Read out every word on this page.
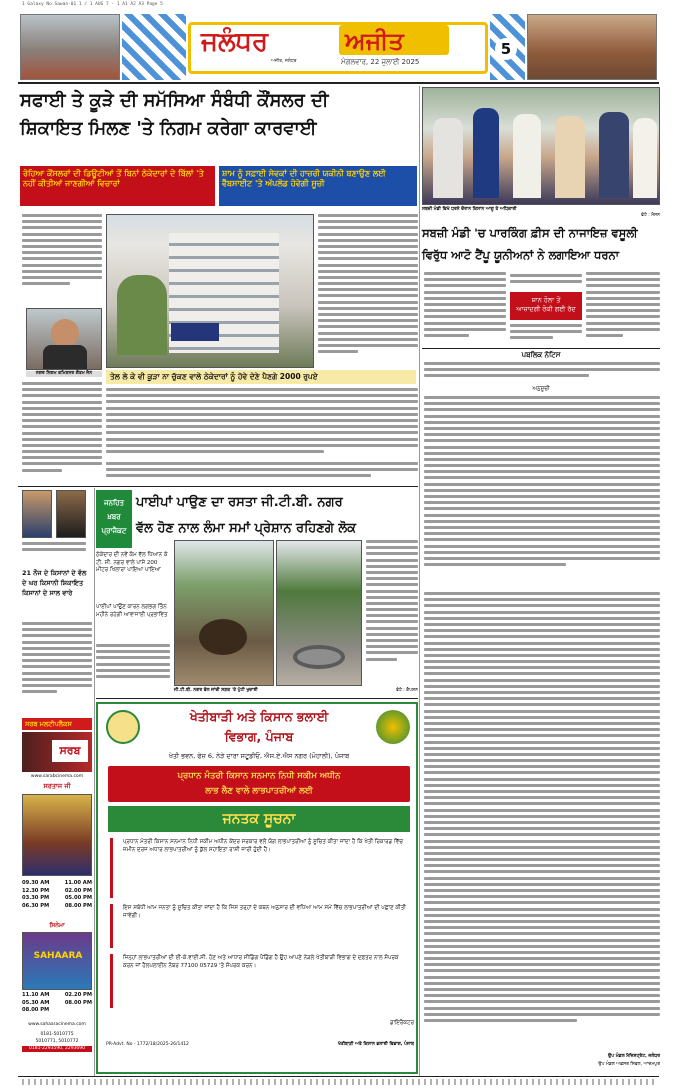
1 Galaxy No.Sawan-01 1 / 1 AUG 7 - 1 A1 A2 A3 Page 5
ਜਲੰਧਰ	ਅਜੀਤ
ਅਜੀਤ, ਜਲੰਧਰ	ਮੰਗਲਵਾਰ, 22 ਜੁਲਾਈ 2025
5
ਸਫਾਈ ਤੇ ਕੂੜੇ ਦੀ ਸਮੱਸਿਆ ਸੰਬੰਧੀ ਕੌਂਸਲਰ ਦੀ
ਸ਼ਿਕਾਇਤ ਮਿਲਣ 'ਤੇ ਨਿਗਮ ਕਰੇਗਾ ਕਾਰਵਾਈ
ਰੋਹਿਆ ਕੌਂਸਲਰਾਂ ਦੀ ਡਿਊਟੀਆਂ ਤੋਂ ਬਿਨਾਂ ਠੇਕੇਦਾਰਾਂ ਦੇ ਬਿੱਲਾਂ 'ਤੇ ਨਹੀਂ ਕੀਤੀਆਂ ਜਾਣਗੀਆਂ ਵਿਚਾਰਾਂ
ਸ਼ਾਮ ਨੂੰ ਸਫ਼ਾਈ ਸੇਵਕਾਂ ਦੀ ਹਾਜ਼ਰੀ ਯਕੀਨੀ ਬਣਾਉਣ ਲਈ ਵੈੱਬਸਾਈਟ 'ਤੇ ਅੱਪਲੋਡ ਹੋਵੇਗੀ ਸੂਚੀ
ਨਗਰ ਨਿਗਮ ਕਮਿਸ਼ਨਰ ਗੌਤਮ ਜੈਨ	ਤੇਲ ਲੇ ਕੇ ਵੀ ਕੂੜਾ ਨਾ ਚੁੱਕਣ ਵਾਲੇ ਠੇਕੇਦਾਰਾਂ ਨੂੰ ਹੋਵੇ ਦੇਣੇ ਪੈਣਗੇ 2000 ਰੁਪਏ
ਸਬਜ਼ੀ ਮੰਡੀ ਵਿਖੇ ਧਰਨੇ ਦੌਰਾਨ ਕਿਸਾਨ ਆਗੂ ਤੇ ਅਧਿਕਾਰੀ
ਫੋਟੋ : ਮੈਸਨ
ਸਬਜ਼ੀ ਮੰਡੀ 'ਚ ਪਾਰਕਿੰਗ ਫ਼ੀਸ ਦੀ ਨਾਜਾਇਜ਼ ਵਸੂਲੀ
ਵਿਰੁੱਧ ਆਟੋ ਟੈਂਪੂ ਯੂਨੀਅਨਾਂ ਨੇ ਲਗਾਇਆ ਧਰਨਾ
ਸ਼ਾਨ ਹੋਲਾ ਤੋਂ
ਆਜ਼ਾਦਗੀ ਰੋਕੀ ਗਈ ਰੱਦ
ਪਬਲਿਕ ਨੋਟਿਸ
ਅਨੁਸੂਚੀ
ਉਪ ਮੰਡਲ ਮੈਜਿਸਟ੍ਰੇਟ, ਜਲੰਧਰ
ਉਪ ਮੰਡਲ ਅਫ਼ਸਰ ਸਿਵਲ, ਆਦਮਪੁਰ
21 ਨੌਜ ਦੇ ਕਿਸਾਨਾਂ ਦੇ ਵੱਲ ਦੇ ਘਰ ਕਿਸਾਨੀ ਸ਼ਿਕਾਇਤ ਕਿਸਾਨਾਂ ਦੇ ਸਾਲ ਵਾਰੇ
ਸਰਬ ਮਲਟੀਪਲੈਕਸ
ਸਰਬ
www.sarabcinema.com
ਸਰਤਾਜ ਜੀ
09.30 AM	11.00 AM
12.30 PM	02.00 PM
03.30 PM	05.00 PM
06.30 PM	08.00 PM
ਸਿਨੇਮਾ
SAHAARA
11.10 AM	02.20 PM
05.30 AM	08.00 PM
08.00 PM
www.sahaaracinema.com
0181-5010775
5010771, 5010772
0181-2293590, 2293690
ਜਨਹਿਤ
ਖ਼ਬਰ
ਪ੍ਰਾਜੈਕਟ
ਪਾਈਪਾਂ ਪਾਉਣ ਦਾ ਰਸਤਾ ਜੀ.ਟੀ.ਬੀ. ਨਗਰ
ਵੱਲ ਹੋਣ ਨਾਲ ਲੰਮਾ ਸਮਾਂ ਪ੍ਰੇਸ਼ਾਨ ਰਹਿਣਗੇ ਲੋਕ
ਠੇਕੇਦਾਰ ਦੀ ਨਵੇਂ ਕੰਮ ਵੱਲ ਧਿਆਨ ਕੇ ਟੀ. ਸੀ. ਨਗਰ ਵਾਲੇ ਪਾਸੇ 200 ਮੀਟਰ ਖਿਲਾਰਾ ਪਾਇਆ ਪਾਇਆ
ਪਾਈਪਾਂ ਪਾਉਣ ਕਾਰਨ ਲਗਭਗ ਤਿੰਨ ਮਹੀਨੇ ਰਹੇਗੀ ਆਵਾਜਾਈ ਪ੍ਰਭਾਵਿਤ
ਜੀ.ਟੀ.ਬੀ. ਨਗਰ ਵੱਲ ਜਾਂਦੀ ਸੜਕ 'ਤੇ ਪੁੱਟੀ ਖੁਦਾਈ	ਫੋਟੋ : ਕੈਪਸ਼ਨ
ਖੇਤੀਬਾੜੀ ਅਤੇ ਕਿਸਾਨ ਭਲਾਈ
ਵਿਭਾਗ, ਪੰਜਾਬ
ਖੇਤੀ ਭਵਨ, ਫੇਜ਼ 6, ਨੇੜੇ ਦਾਰਾ ਸਟੂਡੀਓ, ਐਸ.ਏ.ਐਸ ਨਗਰ (ਮੋਹਾਲੀ), ਪੰਜਾਬ
ਪ੍ਰਧਾਨ ਮੰਤਰੀ ਕਿਸਾਨ ਸਨਮਾਨ ਨਿਧੀ ਸਕੀਮ ਅਧੀਨ
ਲਾਭ ਲੈਣ ਵਾਲੇ ਲਾਭਪਾਤਰੀਆਂ ਲਈ
ਜਨਤਕ ਸੂਚਨਾ
ਪ੍ਰਧਾਨ ਮੰਤਰੀ ਕਿਸਾਨ ਸਨਮਾਨ ਨਿਧੀ ਸਕੀਮ ਅਧੀਨ ਕੇਂਦਰ ਸਰਕਾਰ ਵਲੋਂ ਯੋਗ ਲਾਭਪਾਤਰੀਆਂ ਨੂੰ ਸੂਚਿਤ ਕੀਤਾ ਜਾਂਦਾ ਹੈ ਕਿ ਖੇਤੀ ਰਿਕਾਰਡ ਵਿੱਚ ਜ਼ਮੀਨ ਦਰਜ ਅਧਾਰ ਲਾਭਪਾਤਰੀਆਂ ਨੂੰ ਕੁੱਲ ਸਹਾਇਤਾ ਰਾਸ਼ੀ ਜਾਰੀ ਹੁੰਦੀ ਹੈ।
ਇਸ ਸਬੰਧੀ ਆਮ ਜਨਤਾ ਨੂੰ ਸੂਚਿਤ ਕੀਤਾ ਜਾਂਦਾ ਹੈ ਕਿ ਜਿਸ ਤਰ੍ਹਾਂ ਦੇ ਕਥਨ ਅਨੁਸਾਰ ਦੀ ਵਧਿਆ ਆਮ ਸਮੇਂ ਵਿੱਚ ਲਾਭਪਾਤਰੀਆਂ ਦੀ ਪਛਾਣ ਕੀਤੀ ਜਾਵੇਗੀ।
ਜਿਨ੍ਹਾਂ ਲਾਭਪਾਤਰੀਆਂ ਦੀ ਈ-ਕੇ.ਵਾਈ.ਸੀ. ਹੋਣ ਅਤੇ ਆਧਾਰ ਸੀਡਿੰਗ ਪੈਂਡਿੰਗ ਹੈ ਉਹ ਆਪਣੇ ਨੇੜਲੇ ਖੇਤੀਬਾੜੀ ਵਿਭਾਗ ਦੇ ਦਫ਼ਤਰ ਨਾਲ ਸੰਪਰਕ ਕਰਨ ਜਾਂ ਹੈਲਪਲਾਈਨ ਨੰਬਰ 77100 05729 'ਤੇ ਸੰਪਰਕ ਕਰਨ।
ਡਾਇਰੈਕਟਰ
PR-Advt. No - 1772/18/2025-26/1412	ਖੇਤੀਬਾੜੀ ਅਤੇ ਕਿਸਾਨ ਭਲਾਈ ਵਿਭਾਗ, ਪੰਜਾਬ
